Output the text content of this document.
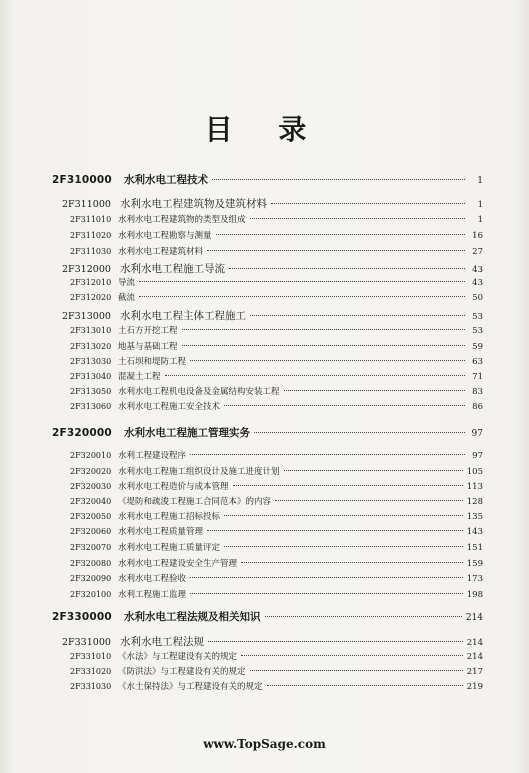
目 录
2F310000	水利水电工程技术	1
2F311000 水利水电工程建筑物及建筑材料	1
2F311010 水利水电工程建筑物的类型及组成	1
2F311020 水利水电工程勘察与测量	16
2F311030 水利水电工程建筑材料	27
2F312000 水利水电工程施工导流	43
2F312010 导流	43
2F312020 截流	50
2F313000 水利水电工程主体工程施工	53
2F313010 土石方开挖工程	53
2F313020 地基与基础工程	59
2F313030 土石坝和堤防工程	63
2F313040 混凝土工程	71
2F313050 水利水电工程机电设备及金属结构安装工程	83
2F313060 水利水电工程施工安全技术	86
2F320000	水利水电工程施工管理实务	97
2F320010 水利工程建设程序	97
2F320020 水利水电工程施工组织设计及施工进度计划	105
2F320030 水利水电工程造价与成本管理	113
2F320040 《堤防和疏浚工程施工合同范本》的内容	128
2F320050 水利水电工程施工招标投标	135
2F320060 水利水电工程质量管理	143
2F320070 水利水电工程施工质量评定	151
2F320080 水利水电工程建设安全生产管理	159
2F320090 水利水电工程验收	173
2F320100 水利工程施工监理	198
2F330000	水利水电工程法规及相关知识	214
2F331000 水利水电工程法规	214
2F331010 《水法》与工程建设有关的规定	214
2F331020 《防洪法》与工程建设有关的规定	217
2F331030 《水土保持法》与工程建设有关的规定	219
www.TopSage.com
